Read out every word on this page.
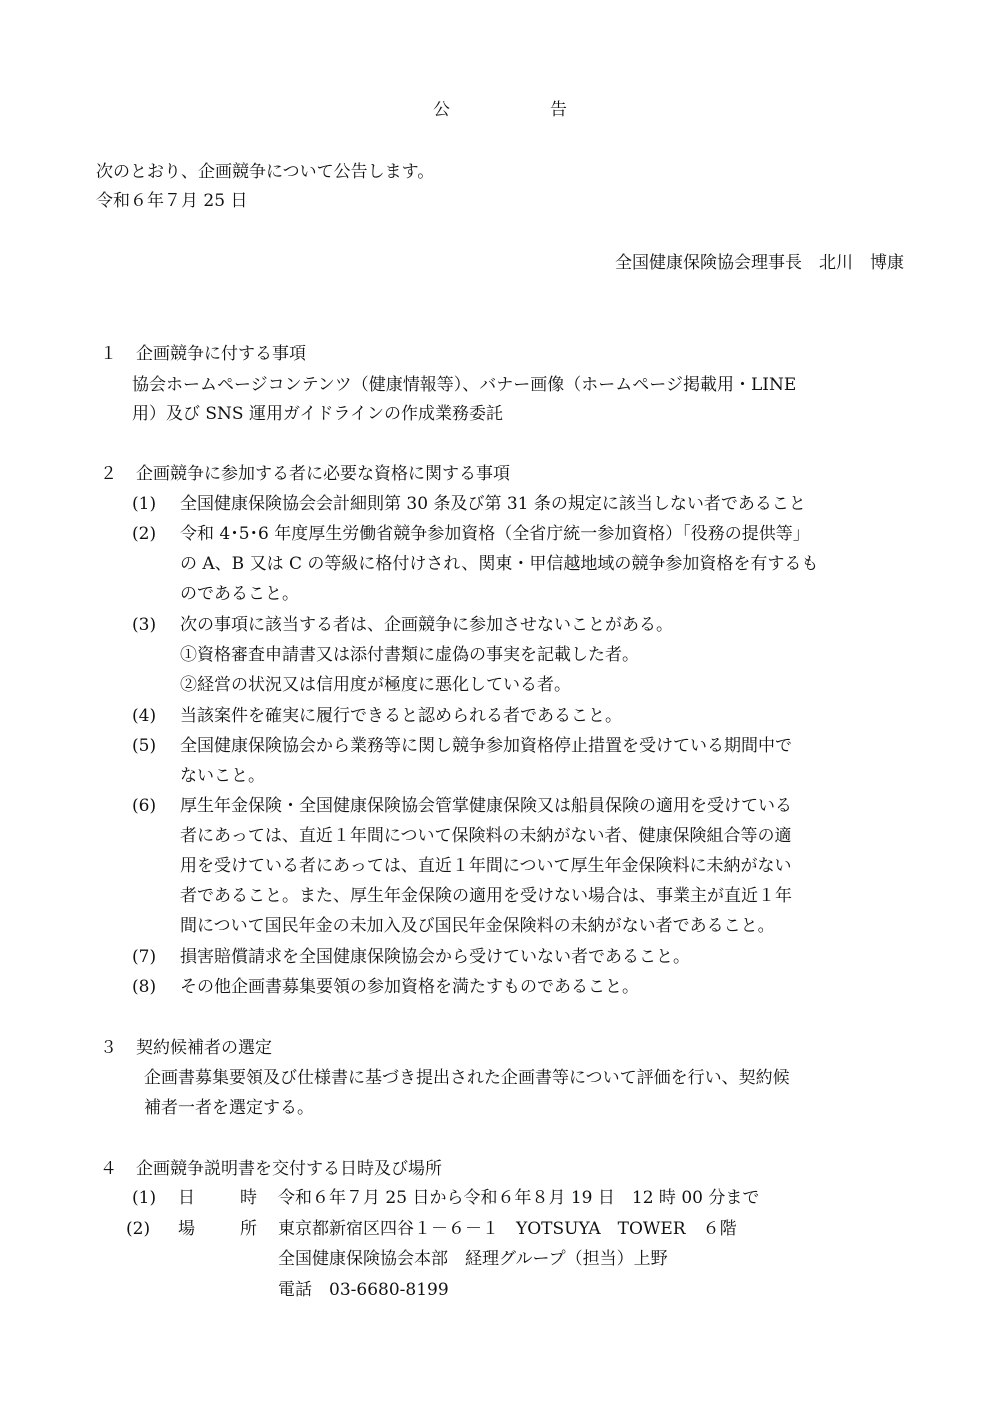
公	告
次のとおり、企画競争について公告します。
令和６年７月 25 日
全国健康保険協会理事長　北川　博康
１ 企画競争に付する事項
協会ホームページコンテンツ（健康情報等）、バナー画像（ホームページ掲載用・LINE
用）及び SNS 運用ガイドラインの作成業務委託
２ 企画競争に参加する者に必要な資格に関する事項
(1) 全国健康保険協会会計細則第 30 条及び第 31 条の規定に該当しない者であること
(2) 令和 4･5･6 年度厚生労働省競争参加資格（全省庁統一参加資格）｢役務の提供等｣
の A、B 又は C の等級に格付けされ、関東・甲信越地域の競争参加資格を有するも
のであること。
(3) 次の事項に該当する者は、企画競争に参加させないことがある。
①資格審査申請書又は添付書類に虚偽の事実を記載した者。
②経営の状況又は信用度が極度に悪化している者。
(4) 当該案件を確実に履行できると認められる者であること。
(5) 全国健康保険協会から業務等に関し競争参加資格停止措置を受けている期間中で
ないこと。
(6) 厚生年金保険・全国健康保険協会管掌健康保険又は船員保険の適用を受けている
者にあっては、直近１年間について保険料の未納がない者、健康保険組合等の適
用を受けている者にあっては、直近１年間について厚生年金保険料に未納がない
者であること。また、厚生年金保険の適用を受けない場合は、事業主が直近１年
間について国民年金の未加入及び国民年金保険料の未納がない者であること。
(7) 損害賠償請求を全国健康保険協会から受けていない者であること。
(8) その他企画書募集要領の参加資格を満たすものであること。
３ 契約候補者の選定
企画書募集要領及び仕様書に基づき提出された企画書等について評価を行い、契約候
補者一者を選定する。
４ 企画競争説明書を交付する日時及び場所
(1) 日	時 令和６年７月 25 日から令和６年８月 19 日　12 時 00 分まで
(2) 場	所 東京都新宿区四谷１－６－１　YOTSUYA　TOWER　６階
全国健康保険協会本部　経理グループ（担当）上野
電話　03-6680-8199
